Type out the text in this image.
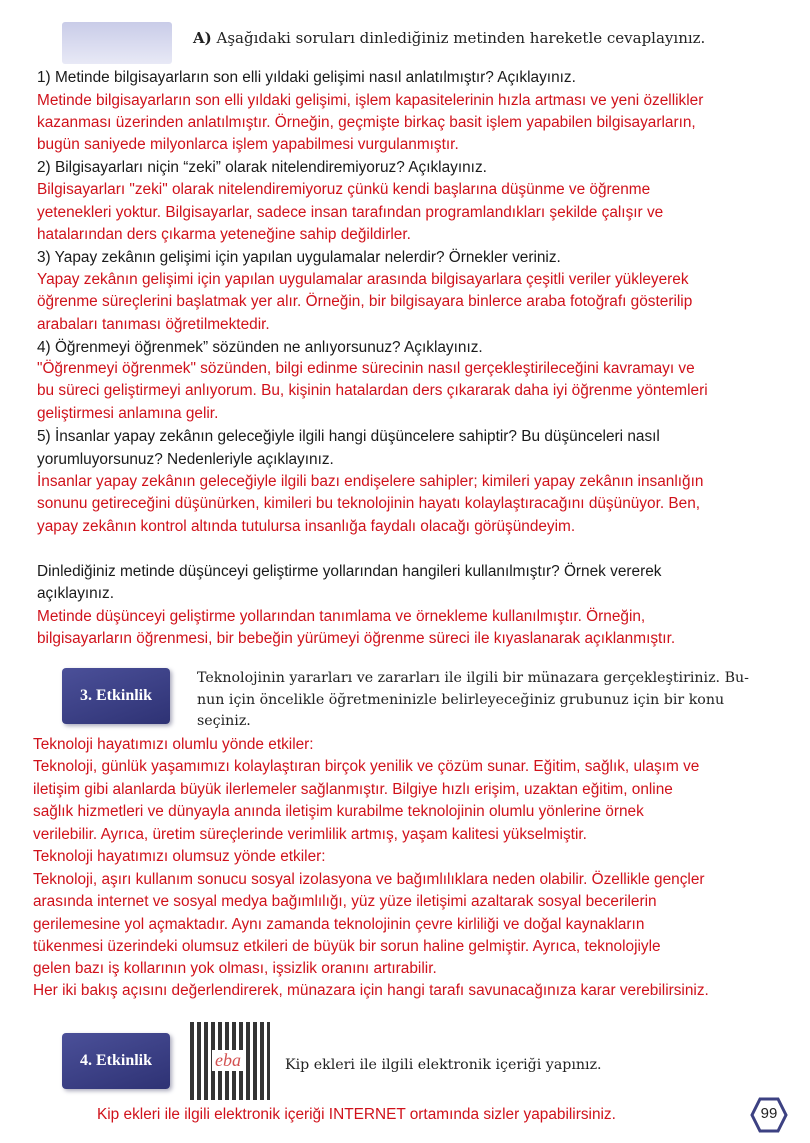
A) Aşağıdaki soruları dinlediğiniz metinden hareketle cevaplayınız.
1) Metinde bilgisayarların son elli yıldaki gelişimi nasıl anlatılmıştır? Açıklayınız.
Metinde bilgisayarların son elli yıldaki gelişimi, işlem kapasitelerinin hızla artması ve yeni özellikler
kazanması üzerinden anlatılmıştır. Örneğin, geçmişte birkaç basit işlem yapabilen bilgisayarların,
bugün saniyede milyonlarca işlem yapabilmesi vurgulanmıştır.
2) Bilgisayarları niçin “zeki” olarak nitelendiremiyoruz? Açıklayınız.
Bilgisayarları "zeki" olarak nitelendiremiyoruz çünkü kendi başlarına düşünme ve öğrenme
yetenekleri yoktur. Bilgisayarlar, sadece insan tarafından programlandıkları şekilde çalışır ve
hatalarından ders çıkarma yeteneğine sahip değildirler.
3) Yapay zekânın gelişimi için yapılan uygulamalar nelerdir? Örnekler veriniz.
Yapay zekânın gelişimi için yapılan uygulamalar arasında bilgisayarlara çeşitli veriler yükleyerek
öğrenme süreçlerini başlatmak yer alır. Örneğin, bir bilgisayara binlerce araba fotoğrafı gösterilip
arabaları tanıması öğretilmektedir.
4) Öğrenmeyi öğrenmek” sözünden ne anlıyorsunuz? Açıklayınız.
"Öğrenmeyi öğrenmek" sözünden, bilgi edinme sürecinin nasıl gerçekleştirileceğini kavramayı ve
bu süreci geliştirmeyi anlıyorum. Bu, kişinin hatalardan ders çıkararak daha iyi öğrenme yöntemleri
geliştirmesi anlamına gelir.
5) İnsanlar yapay zekânın geleceğiyle ilgili hangi düşüncelere sahiptir? Bu düşünceleri nasıl
yorumluyorsunuz? Nedenleriyle açıklayınız.
İnsanlar yapay zekânın geleceğiyle ilgili bazı endişelere sahipler; kimileri yapay zekânın insanlığın
sonunu getireceğini düşünürken, kimileri bu teknolojinin hayatı kolaylaştıracağını düşünüyor. Ben,
yapay zekânın kontrol altında tutulursa insanlığa faydalı olacağı görüşündeyim.
Dinlediğiniz metinde düşünceyi geliştirme yollarından hangileri kullanılmıştır? Örnek vererek
açıklayınız.
Metinde düşünceyi geliştirme yollarından tanımlama ve örnekleme kullanılmıştır. Örneğin,
bilgisayarların öğrenmesi, bir bebeğin yürümeyi öğrenme süreci ile kıyaslanarak açıklanmıştır.
3. Etkinlik
Teknolojinin yararları ve zararları ile ilgili bir münazara gerçekleştiriniz. Bu-
nun için öncelikle öğretmeninizle belirleyeceğiniz grubunuz için bir konu
seçiniz.
Teknoloji hayatımızı olumlu yönde etkiler:
Teknoloji, günlük yaşamımızı kolaylaştıran birçok yenilik ve çözüm sunar. Eğitim, sağlık, ulaşım ve
iletişim gibi alanlarda büyük ilerlemeler sağlanmıştır. Bilgiye hızlı erişim, uzaktan eğitim, online
sağlık hizmetleri ve dünyayla anında iletişim kurabilme teknolojinin olumlu yönlerine örnek
verilebilir. Ayrıca, üretim süreçlerinde verimlilik artmış, yaşam kalitesi yükselmiştir.
Teknoloji hayatımızı olumsuz yönde etkiler:
Teknoloji, aşırı kullanım sonucu sosyal izolasyona ve bağımlılıklara neden olabilir. Özellikle gençler
arasında internet ve sosyal medya bağımlılığı, yüz yüze iletişimi azaltarak sosyal becerilerin
gerilemesine yol açmaktadır. Aynı zamanda teknolojinin çevre kirliliği ve doğal kaynakların
tükenmesi üzerindeki olumsuz etkileri de büyük bir sorun haline gelmiştir. Ayrıca, teknolojiyle
gelen bazı iş kollarının yok olması, işsizlik oranını artırabilir.
Her iki bakış açısını değerlendirerek, münazara için hangi tarafı savunacağınıza karar verebilirsiniz.
4. Etkinlik	eba	Kip ekleri ile ilgili elektronik içeriği yapınız.
Kip ekleri ile ilgili elektronik içeriği INTERNET ortamında sizler yapabilirsiniz.	99
